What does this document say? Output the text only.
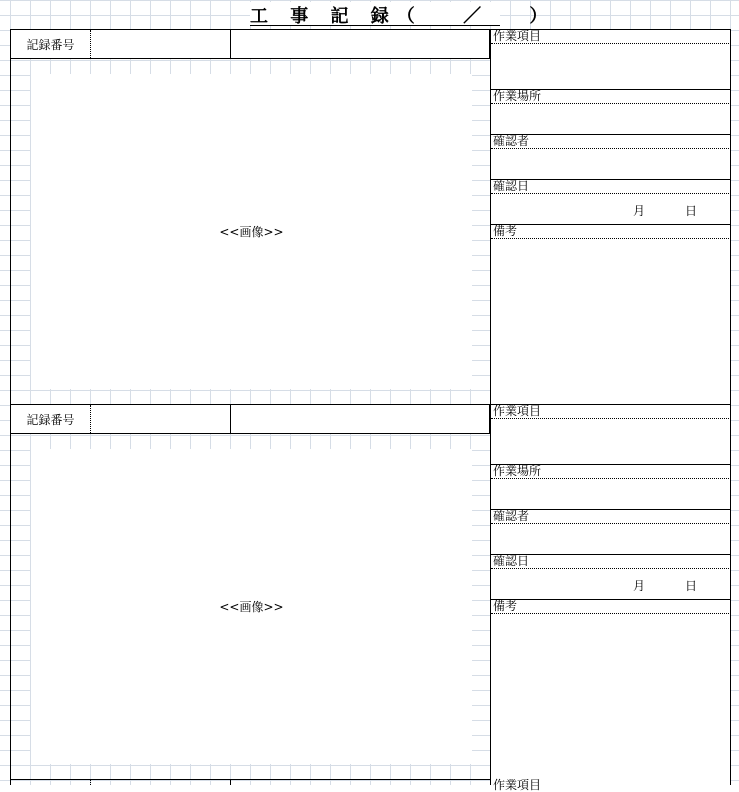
工 事 記 録（　 ／ 　）
記録番号
<<画像>>
作業項目
作業場所
確認者
確認日
月	日
備考
記録番号
<<画像>>
作業項目
作業場所
確認者
確認日
月	日
備考
作業項目
